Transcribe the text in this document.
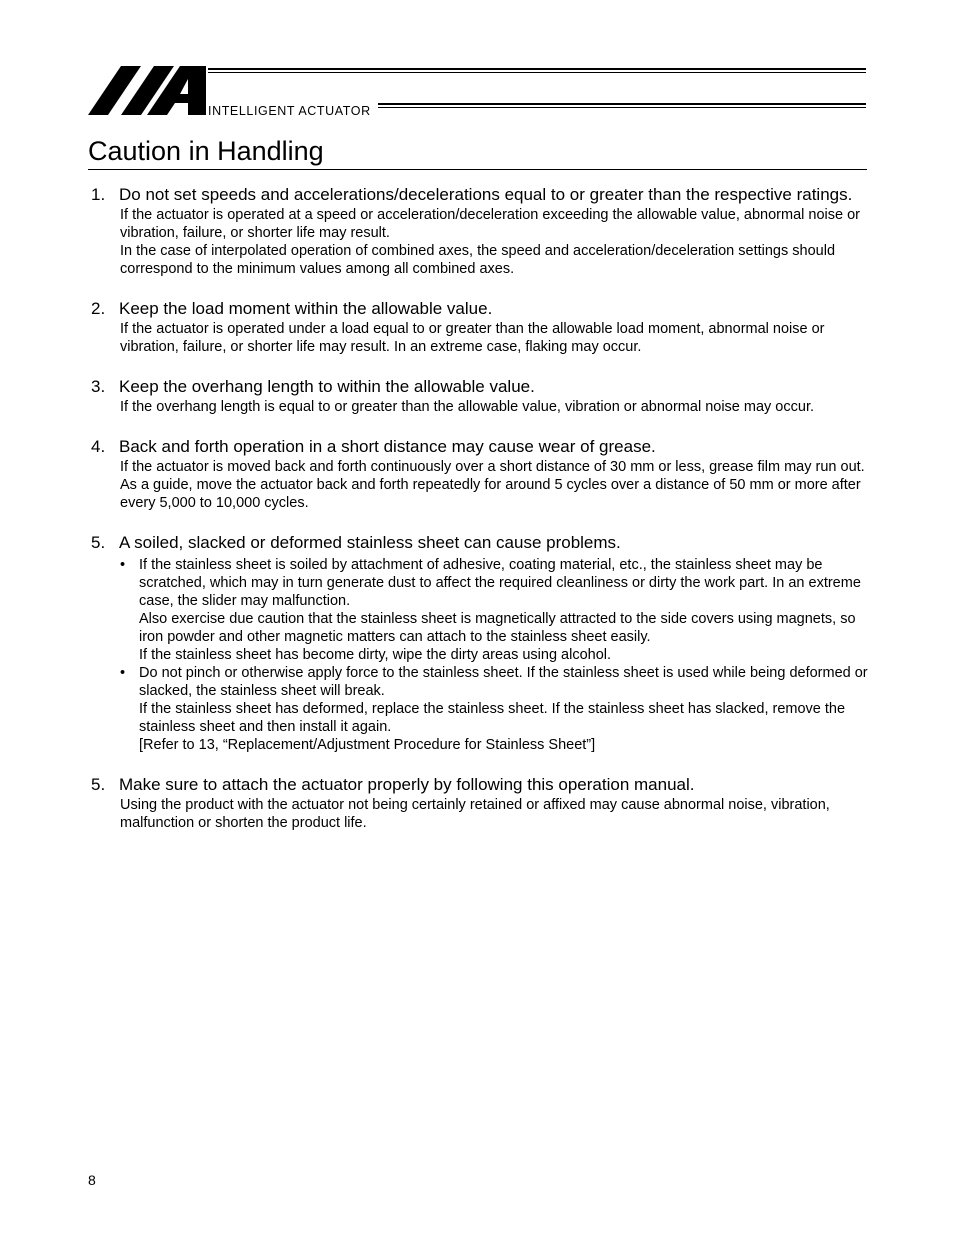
INTELLIGENT ACTUATOR
Caution in Handling
1. Do not set speeds and accelerations/decelerations equal to or greater than the respective ratings.

If the actuator is operated at a speed or acceleration/deceleration exceeding the allowable value, abnormal noise or vibration, failure, or shorter life may result.

In the case of interpolated operation of combined axes, the speed and acceleration/deceleration settings should correspond to the minimum values among all combined axes.

2. Keep the load moment within the allowable value.

If the actuator is operated under a load equal to or greater than the allowable load moment, abnormal noise or vibration, failure, or shorter life may result. In an extreme case, flaking may occur.

3. Keep the overhang length to within the allowable value.

If the overhang length is equal to or greater than the allowable value, vibration or abnormal noise may occur.

4. Back and forth operation in a short distance may cause wear of grease.

If the actuator is moved back and forth continuously over a short distance of 30 mm or less, grease film may run out. As a guide, move the actuator back and forth repeatedly for around 5 cycles over a distance of 50 mm or more after every 5,000 to 10,000 cycles.

5. A soiled, slacked or deformed stainless sheet can cause problems.
• If the stainless sheet is soiled by attachment of adhesive, coating material, etc., the stainless sheet may be scratched, which may in turn generate dust to affect the required cleanliness or dirty the work part. In an extreme case, the slider may malfunction.

Also exercise due caution that the stainless sheet is magnetically attracted to the side covers using magnets, so iron powder and other magnetic matters can attach to the stainless sheet easily.

If the stainless sheet has become dirty, wipe the dirty areas using alcohol.

• Do not pinch or otherwise apply force to the stainless sheet. If the stainless sheet is used while being deformed or slacked, the stainless sheet will break.

If the stainless sheet has deformed, replace the stainless sheet. If the stainless sheet has slacked, remove the stainless sheet and then install it again.

[Refer to 13, “Replacement/Adjustment Procedure for Stainless Sheet”]

5. Make sure to attach the actuator properly by following this operation manual.

Using the product with the actuator not being certainly retained or affixed may cause abnormal noise, vibration, malfunction or shorten the product life.

8
